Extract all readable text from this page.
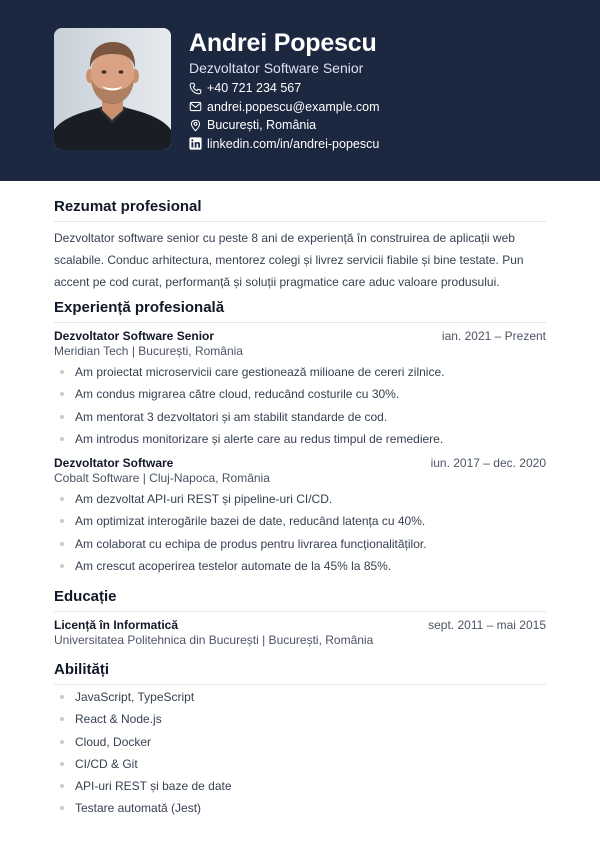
Andrei Popescu
Dezvoltator Software Senior
+40 721 234 567
andrei.popescu@example.com
București, România
linkedin.com/in/andrei-popescu
Rezumat profesional
Dezvoltator software senior cu peste 8 ani de experiență în construirea de aplicații web scalabile. Conduc arhitectura, mentorez colegi și livrez servicii fiabile și bine testate. Pun accent pe cod curat, performanță și soluții pragmatice care aduc valoare produsului.
Experiență profesională
Dezvoltator Software Senior	ian. 2021 – Prezent
Meridian Tech | București, România
Am proiectat microservicii care gestionează milioane de cereri zilnice.
Am condus migrarea către cloud, reducând costurile cu 30%.
Am mentorat 3 dezvoltatori și am stabilit standarde de cod.
Am introdus monitorizare și alerte care au redus timpul de remediere.
Dezvoltator Software	iun. 2017 – dec. 2020
Cobalt Software | Cluj-Napoca, România
Am dezvoltat API-uri REST și pipeline-uri CI/CD.
Am optimizat interogările bazei de date, reducând latența cu 40%.
Am colaborat cu echipa de produs pentru livrarea funcționalităților.
Am crescut acoperirea testelor automate de la 45% la 85%.
Educație
Licență în Informatică	sept. 2011 – mai 2015
Universitatea Politehnica din București | București, România
Abilități
JavaScript, TypeScript
React & Node.js
Cloud, Docker
CI/CD & Git
API-uri REST și baze de date
Testare automată (Jest)
